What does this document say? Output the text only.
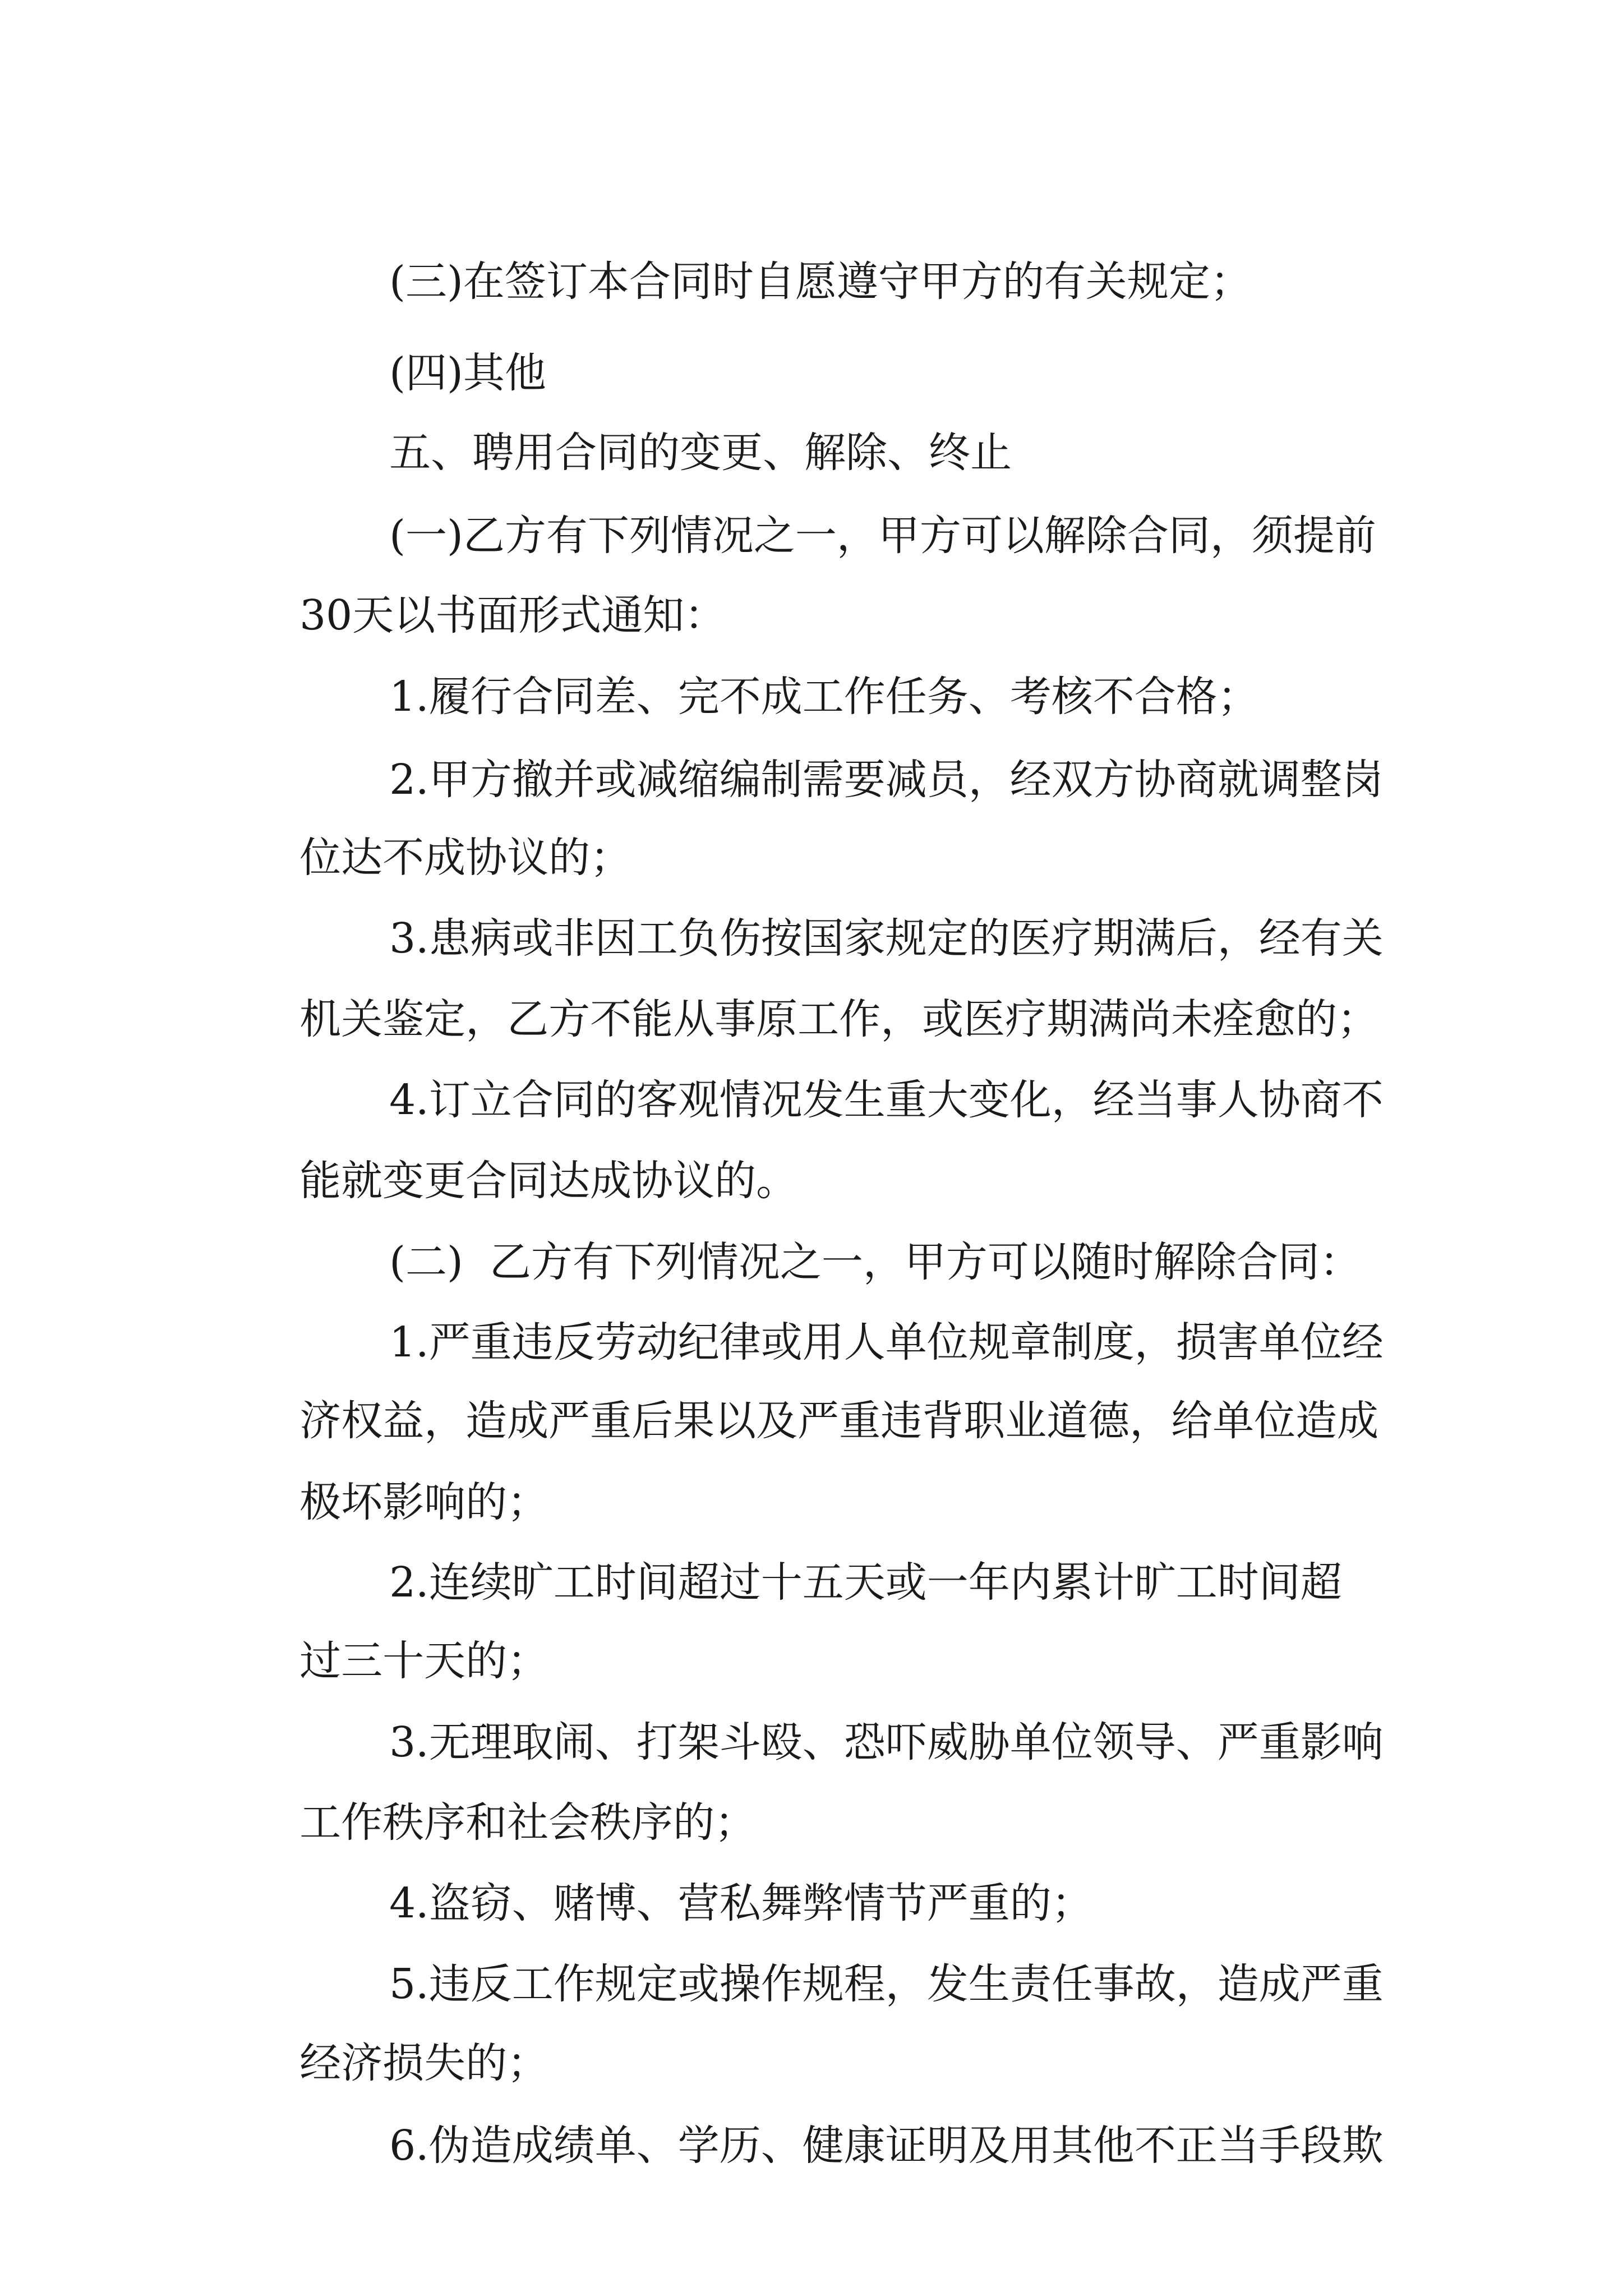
(三)在签订本合同时自愿遵守甲方的有关规定；

(四)其他

五、聘用合同的变更、解除、终止

(一)乙方有下列情况之一，甲方可以解除合同，须提前

30天以书面形式通知：

1.履行合同差、完不成工作任务、考核不合格；

2.甲方撤并或减缩编制需要减员，经双方协商就调整岗

位达不成协议的；

3.患病或非因工负伤按国家规定的医疗期满后，经有关

机关鉴定，乙方不能从事原工作，或医疗期满尚未痊愈的；

4.订立合同的客观情况发生重大变化，经当事人协商不

能就变更合同达成协议的。

(二)  乙方有下列情况之一，甲方可以随时解除合同：

1.严重违反劳动纪律或用人单位规章制度，损害单位经

济权益，造成严重后果以及严重违背职业道德，给单位造成

极坏影响的；

2.连续旷工时间超过十五天或一年内累计旷工时间超

过三十天的；

3.无理取闹、打架斗殴、恐吓威胁单位领导、严重影响

工作秩序和社会秩序的；

4.盗窃、赌博、营私舞弊情节严重的；

5.违反工作规定或操作规程，发生责任事故，造成严重

经济损失的；

6.伪造成绩单、学历、健康证明及用其他不正当手段欺
